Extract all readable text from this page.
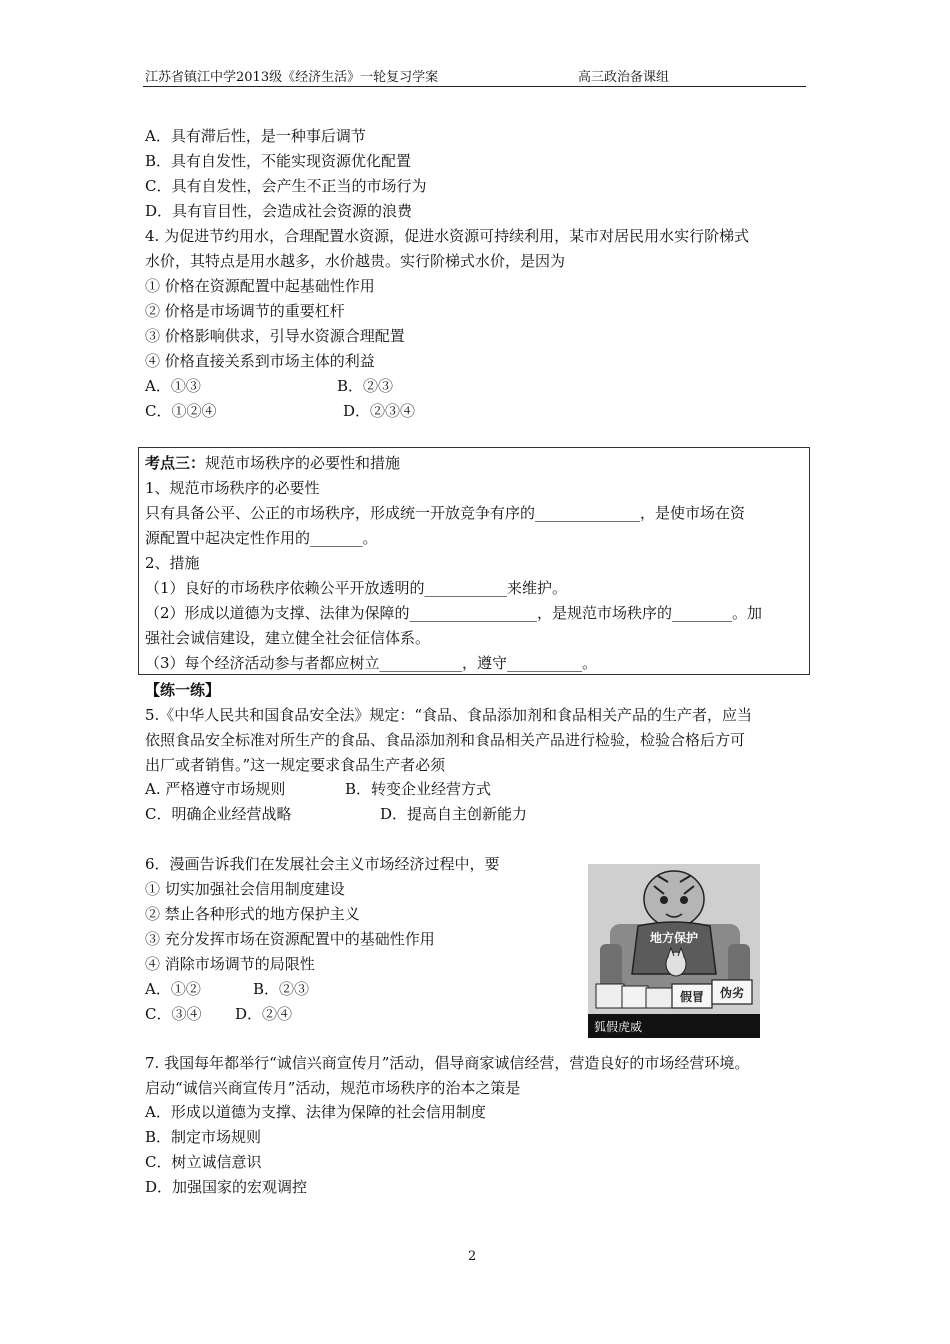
江苏省镇江中学2013级《经济生活》一轮复习学案	高三政治备课组
A．具有滞后性，是一种事后调节
B．具有自发性，不能实现资源优化配置
C．具有自发性，会产生不正当的市场行为
D．具有盲目性，会造成社会资源的浪费
4. 为促进节约用水，合理配置水资源，促进水资源可持续利用，某市对居民用水实行阶梯式
水价，其特点是用水越多，水价越贵。实行阶梯式水价，是因为
① 价格在资源配置中起基础性作用
② 价格是市场调节的重要杠杆
③ 价格影响供求，引导水资源合理配置
④ 价格直接关系到市场主体的利益
A．①③	B．②③
C．①②④	D．②③④
考点三：规范市场秩序的必要性和措施
1、规范市场秩序的必要性
只有具备公平、公正的市场秩序，形成统一开放竞争有序的______________，是使市场在资
源配置中起决定性作用的_______。
2、措施
（1）良好的市场秩序依赖公平开放透明的___________来维护。
（2）形成以道德为支撑、法律为保障的_________________，是规范市场秩序的________。加
强社会诚信建设，建立健全社会征信体系。
（3）每个经济活动参与者都应树立___________，遵守__________。
【练一练】
5.《中华人民共和国食品安全法》规定：“食品、食品添加剂和食品相关产品的生产者，应当
依照食品安全标准对所生产的食品、食品添加剂和食品相关产品进行检验，检验合格后方可
出厂或者销售。”这一规定要求食品生产者必须
A. 严格遵守市场规则	B．转变企业经营方式
C．明确企业经营战略	D．提高自主创新能力
6．漫画告诉我们在发展社会主义市场经济过程中，要
① 切实加强社会信用制度建设
② 禁止各种形式的地方保护主义
③ 充分发挥市场在资源配置中的基础性作用
④ 消除市场调节的局限性
A．①②	B．②③
C．③④ D．②④
地方保护
假冒 伪劣
狐假虎威
7. 我国每年都举行“诚信兴商宣传月”活动，倡导商家诚信经营，营造良好的市场经营环境。
启动“诚信兴商宣传月”活动，规范市场秩序的治本之策是
A．形成以道德为支撑、法律为保障的社会信用制度
B．制定市场规则
C．树立诚信意识
D．加强国家的宏观调控
2
